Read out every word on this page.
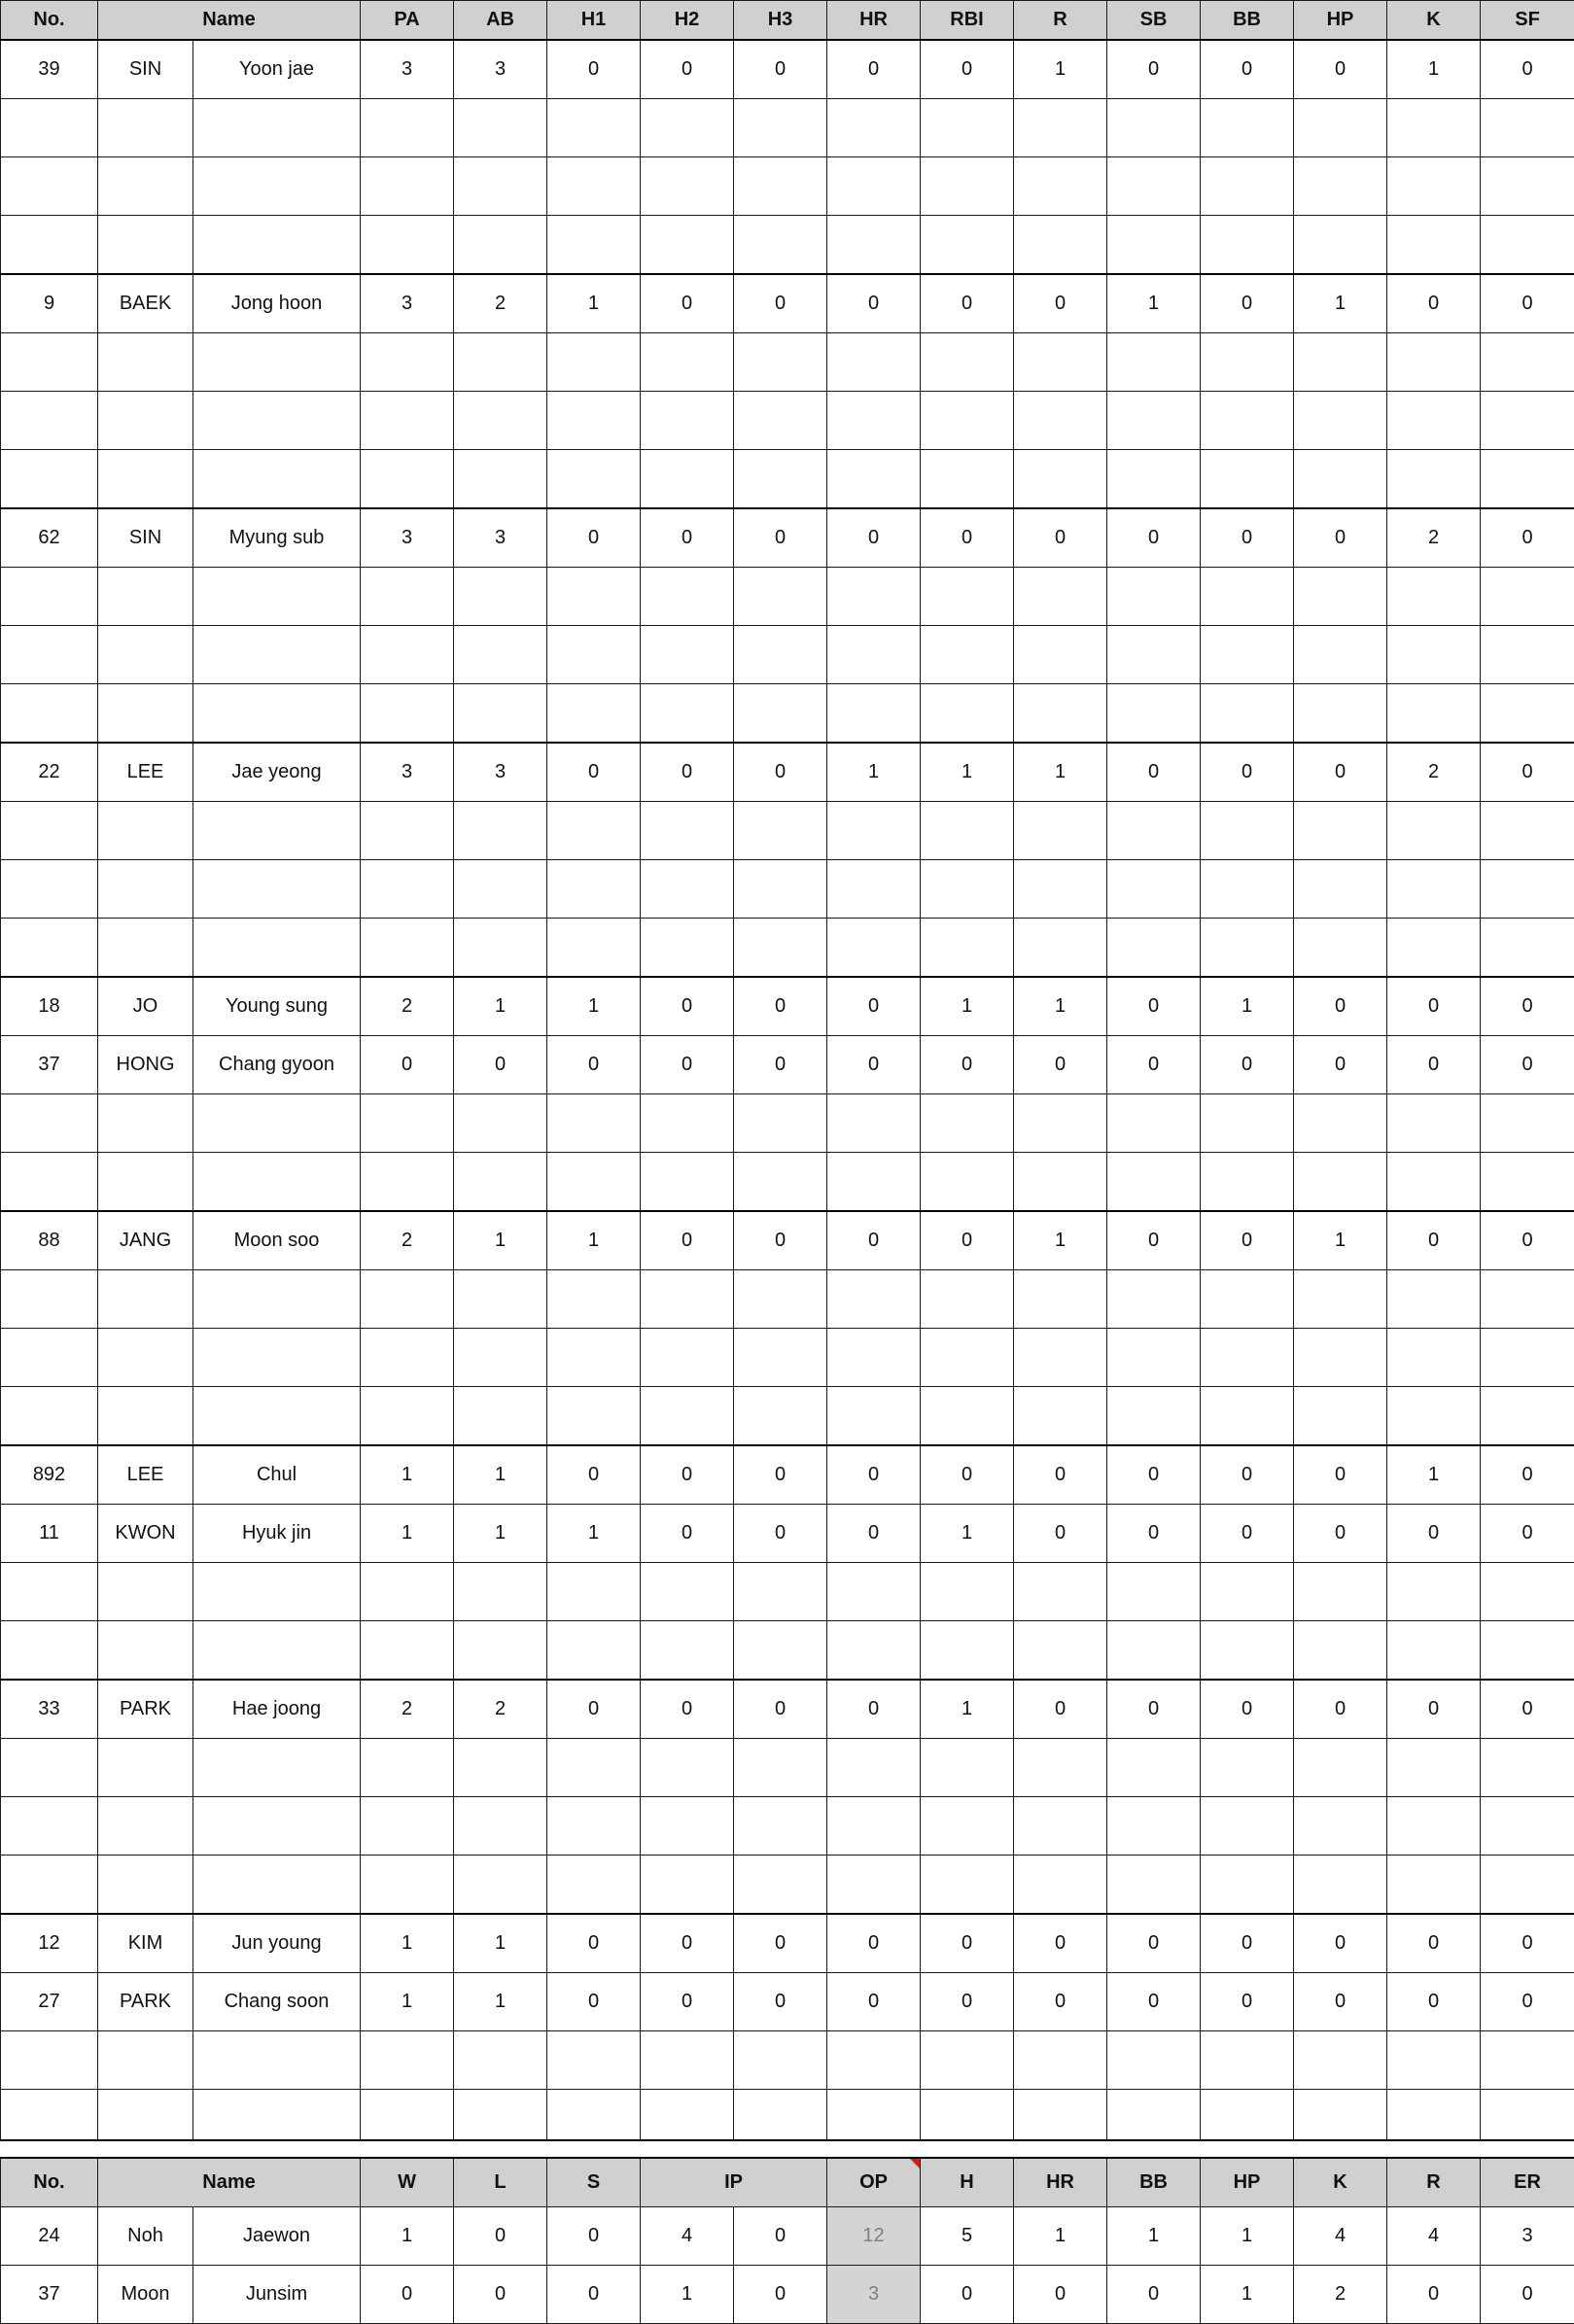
No.	Name		PA	AB	H1	H2	H3	HR	RBI	R	SB	BB	HP	K	SF
39	SIN	Yoon jae	3	3	0	0	0	0	0	1	0	0	0	1	0

9	BAEK	Jong hoon	3	2	1	0	0	0	0	0	1	0	1	0	0

62	SIN	Myung sub	3	3	0	0	0	0	0	0	0	0	0	2	0

22	LEE	Jae yeong	3	3	0	0	0	1	1	1	0	0	0	2	0

18	JO	Young sung	2	1	1	0	0	0	1	1	0	1	0	0	0
37	HONG	Chang gyoon	0	0	0	0	0	0	0	0	0	0	0	0	0

88	JANG	Moon soo	2	1	1	0	0	0	0	1	0	0	1	0	0

892	LEE	Chul	1	1	0	0	0	0	0	0	0	0	0	1	0
11	KWON	Hyuk jin	1	1	1	0	0	0	1	0	0	0	0	0	0

33	PARK	Hae joong	2	2	0	0	0	0	1	0	0	0	0	0	0

12	KIM	Jun young	1	1	0	0	0	0	0	0	0	0	0	0	0
27	PARK	Chang soon	1	1	0	0	0	0	0	0	0	0	0	0	0

No.	Name		W	L	S	IP		OP	H	HR	BB	HP	K	R	ER
24	Noh	Jaewon	1	0	0	4	0	12	5	1	1	1	4	4	3
37	Moon	Junsim	0	0	0	1	0	3	0	0	0	1	2	0	0
